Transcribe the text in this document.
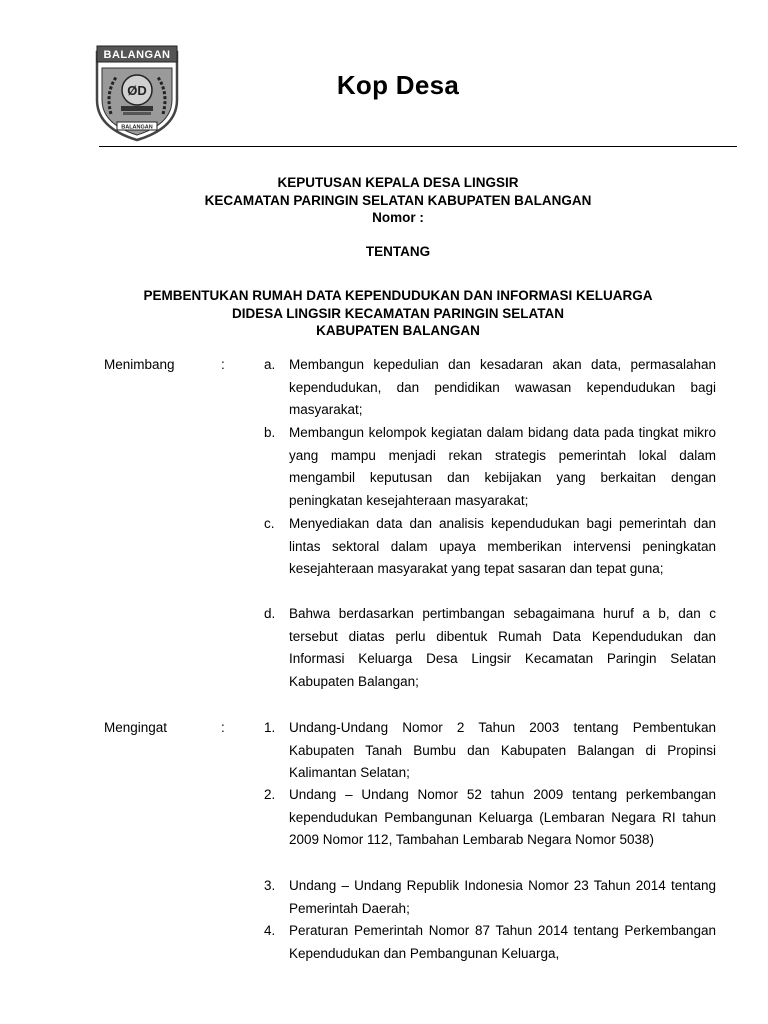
BALANGAN
ØD
BALANGAN
Kop Desa
KEPUTUSAN KEPALA DESA LINGSIR
KECAMATAN PARINGIN SELATAN KABUPATEN BALANGAN
Nomor :
TENTANG
PEMBENTUKAN RUMAH DATA KEPENDUDUKAN DAN INFORMASI KELUARGA
DIDESA LINGSIR KECAMATAN PARINGIN SELATAN
KABUPATEN BALANGAN
Menimbang	:	a. Membangun kepedulian dan kesadaran akan data, permasalahan kependudukan, dan pendidikan wawasan kependudukan bagi masyarakat;
b. Membangun kelompok kegiatan dalam bidang data pada tingkat mikro yang mampu menjadi rekan strategis pemerintah lokal dalam mengambil keputusan dan kebijakan yang berkaitan dengan peningkatan kesejahteraan masyarakat;
c. Menyediakan data dan analisis kependudukan bagi pemerintah dan lintas sektoral dalam upaya memberikan intervensi peningkatan kesejahteraan masyarakat yang tepat sasaran dan tepat guna;
d. Bahwa berdasarkan pertimbangan sebagaimana huruf a b, dan c tersebut diatas perlu dibentuk Rumah Data Kependudukan dan Informasi Keluarga Desa Lingsir Kecamatan Paringin Selatan Kabupaten Balangan;
Mengingat	:	1. Undang-Undang Nomor 2 Tahun 2003 tentang Pembentukan Kabupaten Tanah Bumbu dan Kabupaten Balangan di Propinsi Kalimantan Selatan;
2. Undang – Undang Nomor 52 tahun 2009 tentang perkembangan kependudukan Pembangunan Keluarga (Lembaran Negara RI tahun 2009 Nomor 112, Tambahan Lembarab Negara Nomor 5038)
3. Undang – Undang Republik Indonesia Nomor 23 Tahun 2014 tentang Pemerintah Daerah;
4. Peraturan Pemerintah Nomor 87 Tahun 2014 tentang Perkembangan Kependudukan dan Pembangunan Keluarga,
